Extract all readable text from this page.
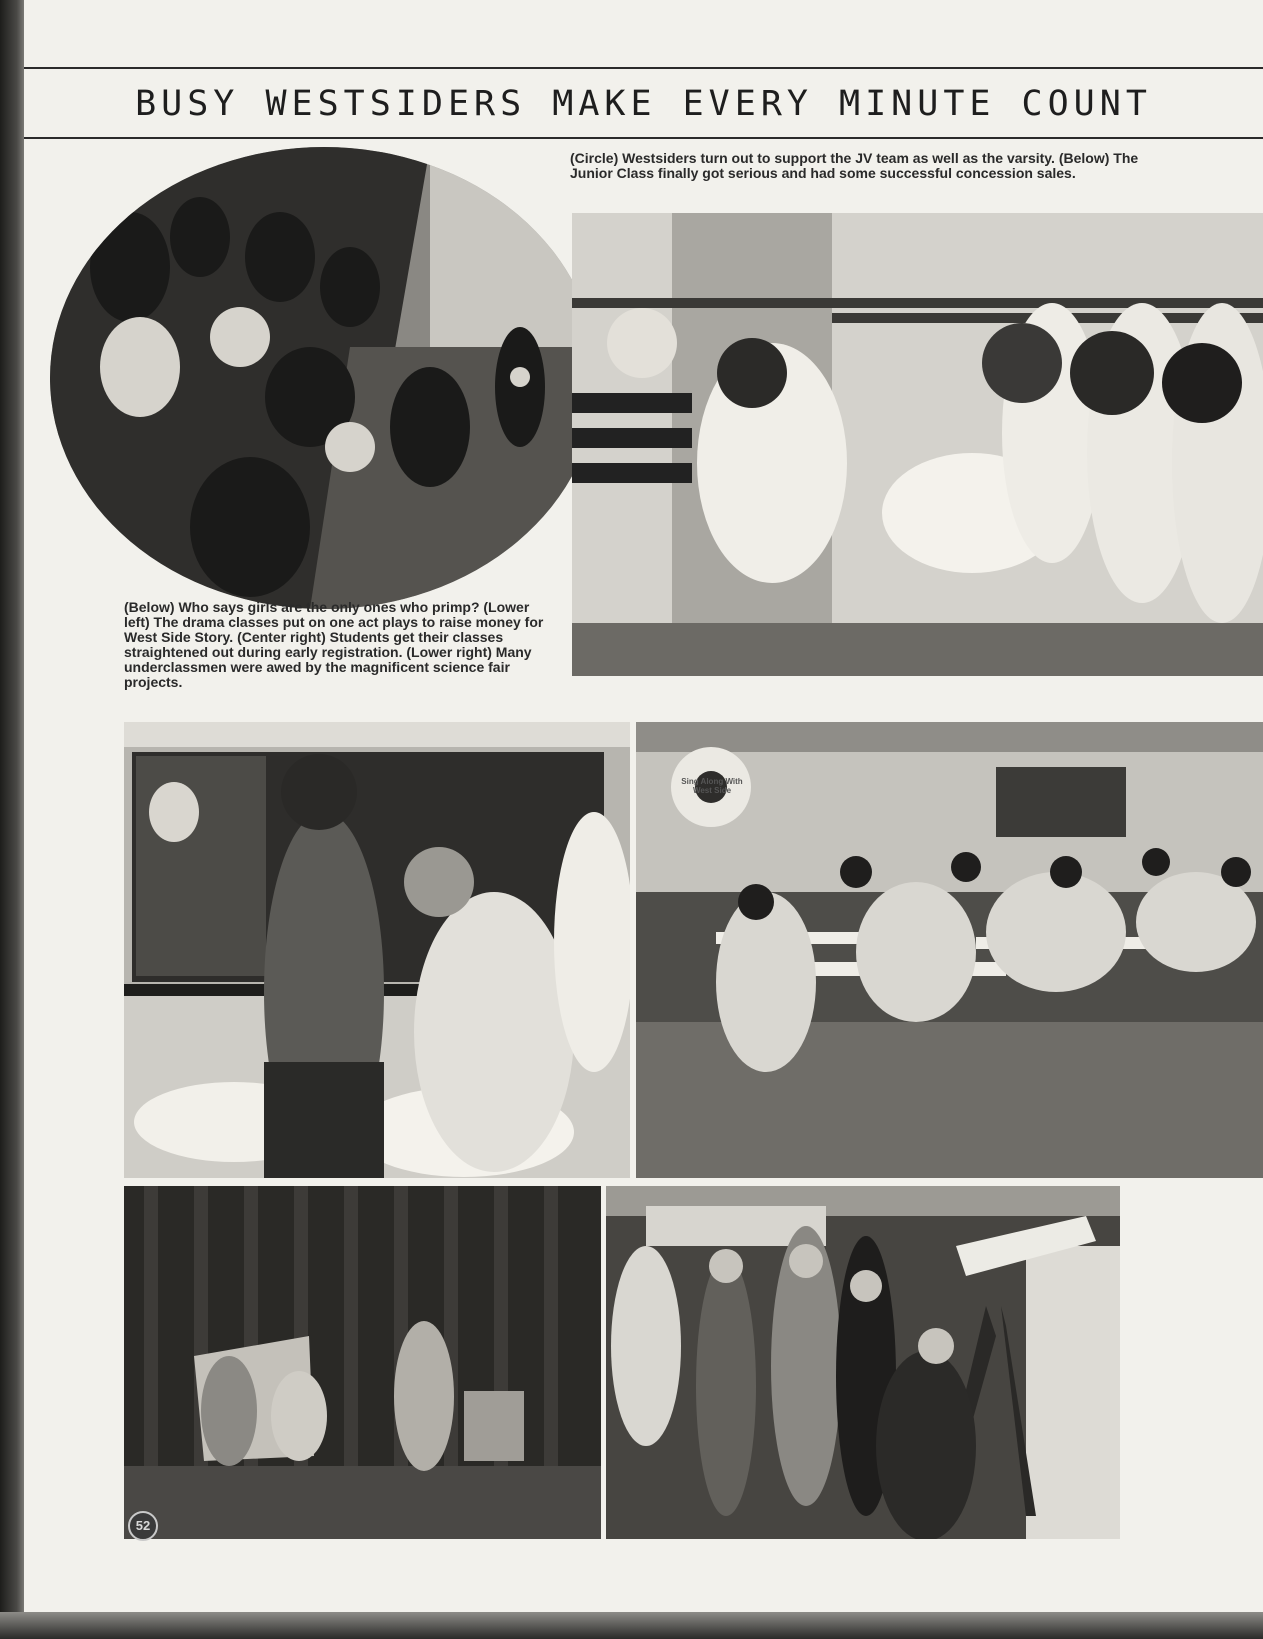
BUSY WESTSIDERS MAKE EVERY MINUTE COUNT

(Circle) Westsiders turn out to support the JV team as well as the varsity. (Below) The Junior Class finally got serious and had some successful concession sales.

(Below) Who says girls are the only ones who primp? (Lower left) The drama classes put on one act plays to raise money for West Side Story. (Center right) Students get their classes straightened out during early registration. (Lower right) Many underclassmen were awed by the magnificent science fair projects.

Sing Along With West Side
52
